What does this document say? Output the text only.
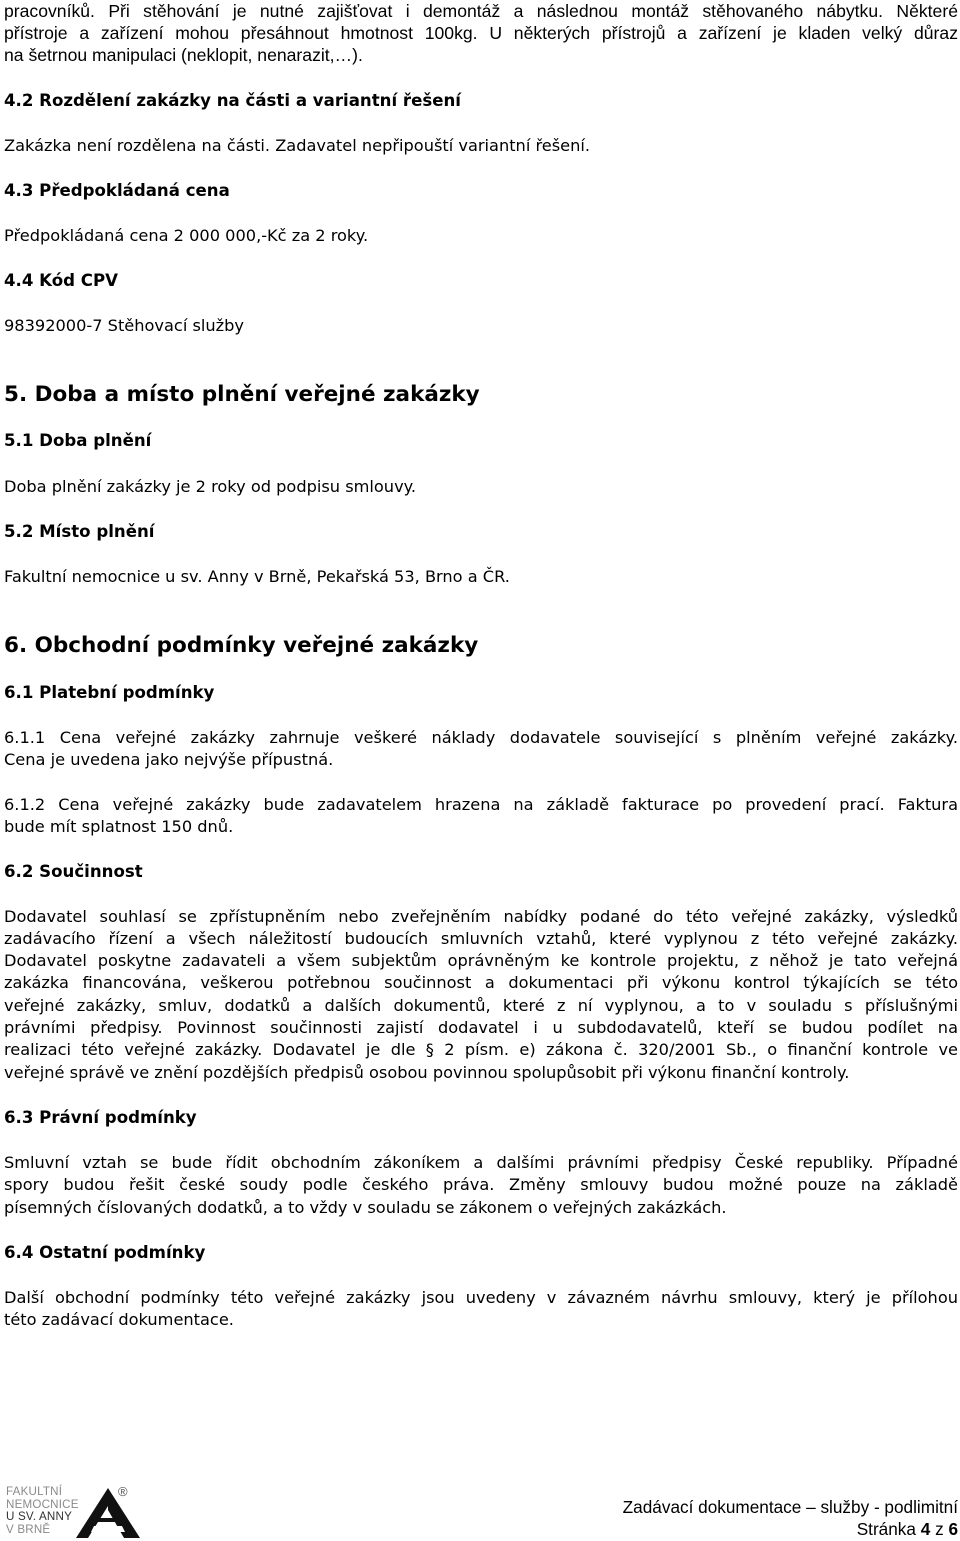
pracovníků. Při stěhování je nutné zajišťovat i demontáž a následnou montáž stěhovaného nábytku. Některé
přístroje a zařízení mohou přesáhnout hmotnost 100kg. U některých přístrojů a zařízení je kladen velký důraz
na šetrnou manipulaci (neklopit, nenarazit,…).
4.2 Rozdělení zakázky na části a variantní řešení
Zakázka není rozdělena na části. Zadavatel nepřipouští variantní řešení.
4.3 Předpokládaná cena
Předpokládaná cena 2 000 000,-Kč za 2 roky.
4.4 Kód CPV
98392000-7 Stěhovací služby
5. Doba a místo plnění veřejné zakázky
5.1 Doba plnění
Doba plnění zakázky je 2 roky od podpisu smlouvy.
5.2 Místo plnění
Fakultní nemocnice u sv. Anny v Brně, Pekařská 53, Brno a ČR.
6. Obchodní podmínky veřejné zakázky
6.1 Platební podmínky
6.1.1 Cena veřejné zakázky zahrnuje veškeré náklady dodavatele související s plněním veřejné zakázky.
Cena je uvedena jako nejvýše přípustná.
6.1.2 Cena veřejné zakázky bude zadavatelem hrazena na základě fakturace po provedení prací. Faktura
bude mít splatnost 150 dnů.
6.2 Součinnost
Dodavatel souhlasí se zpřístupněním nebo zveřejněním nabídky podané do této veřejné zakázky, výsledků
zadávacího řízení a všech náležitostí budoucích smluvních vztahů, které vyplynou z této veřejné zakázky.
Dodavatel poskytne zadavateli a všem subjektům oprávněným ke kontrole projektu, z něhož je tato veřejná
zakázka financována, veškerou potřebnou součinnost a dokumentaci při výkonu kontrol týkajících se této
veřejné zakázky, smluv, dodatků a dalších dokumentů, které z ní vyplynou, a to v souladu s příslušnými
právními předpisy. Povinnost součinnosti zajistí dodavatel i u subdodavatelů, kteří se budou podílet na
realizaci této veřejné zakázky. Dodavatel je dle § 2 písm. e) zákona č. 320/2001 Sb., o finanční kontrole ve
veřejné správě ve znění pozdějších předpisů osobou povinnou spolupůsobit při výkonu finanční kontroly.
6.3 Právní podmínky
Smluvní vztah se bude řídit obchodním zákoníkem a dalšími právními předpisy České republiky. Případné
spory budou řešit české soudy podle českého práva. Změny smlouvy budou možné pouze na základě
písemných číslovaných dodatků, a to vždy v souladu se zákonem o veřejných zakázkách.
6.4 Ostatní podmínky
Další obchodní podmínky této veřejné zakázky jsou uvedeny v závazném návrhu smlouvy, který je přílohou
této zadávací dokumentace.
FAKULTNÍ
NEMOCNICE
U SV. ANNY
V BRNĚ
®
Zadávací dokumentace – služby - podlimitní
Stránka 4 z 6
